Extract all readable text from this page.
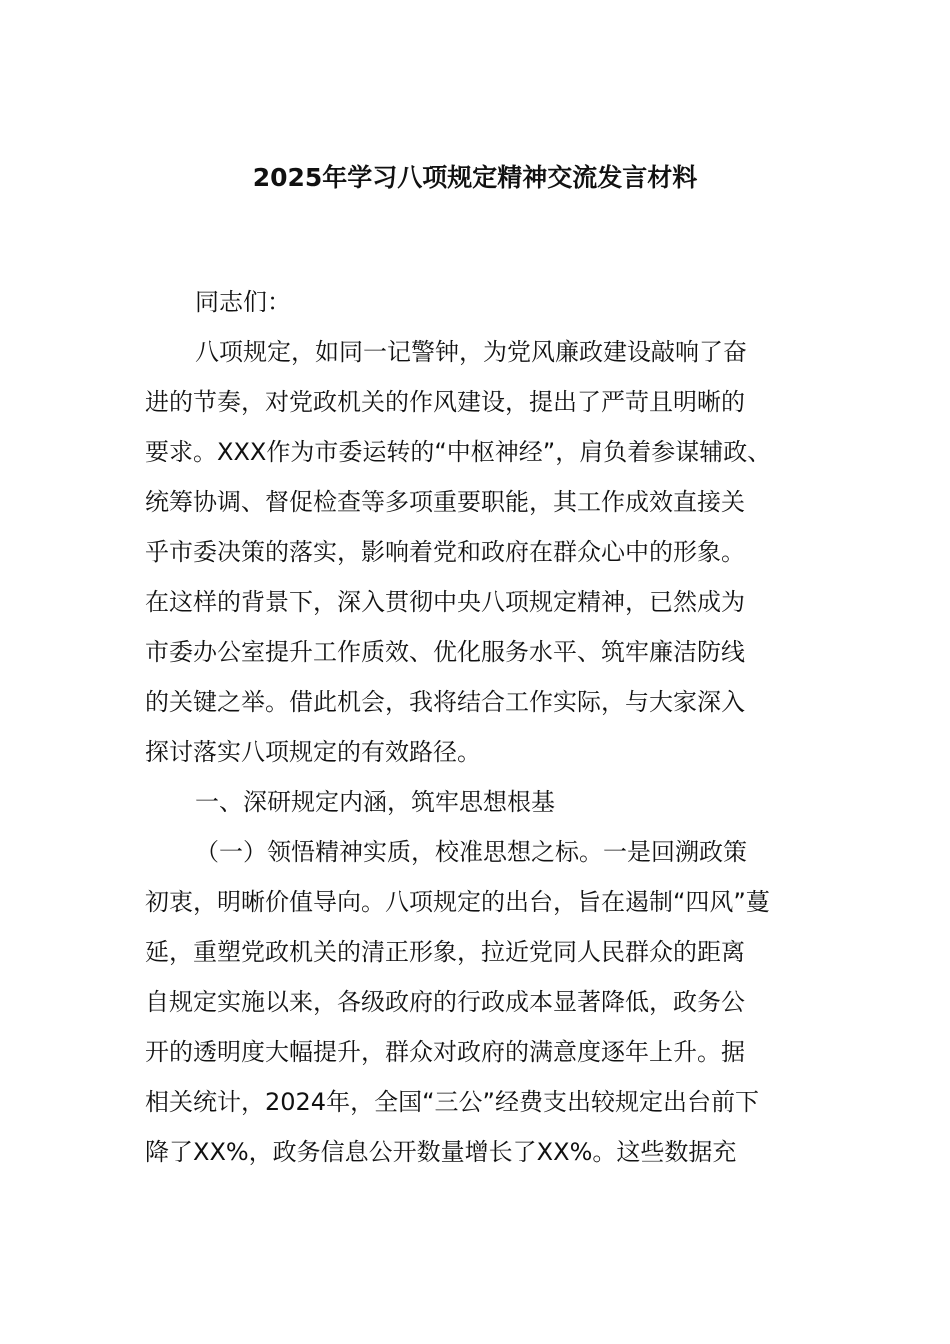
2025年学习八项规定精神交流发言材料
同志们：
八项规定，如同一记警钟，为党风廉政建设敲响了奋
进的节奏，对党政机关的作风建设，提出了严苛且明晰的
要求。XXX作为市委运转的“中枢神经”，肩负着参谋辅政、
统筹协调、督促检查等多项重要职能，其工作成效直接关
乎市委决策的落实，影响着党和政府在群众心中的形象。
在这样的背景下，深入贯彻中央八项规定精神，已然成为
市委办公室提升工作质效、优化服务水平、筑牢廉洁防线
的关键之举。借此机会，我将结合工作实际，与大家深入
探讨落实八项规定的有效路径。
一、深研规定内涵，筑牢思想根基
（一）领悟精神实质，校准思想之标。一是回溯政策
初衷，明晰价值导向。八项规定的出台，旨在遏制“四风”蔓
延，重塑党政机关的清正形象，拉近党同人民群众的距离
自规定实施以来，各级政府的行政成本显著降低，政务公
开的透明度大幅提升，群众对政府的满意度逐年上升。据
相关统计，2024年，全国“三公”经费支出较规定出台前下
降了XX%，政务信息公开数量增长了XX%。这些数据充
